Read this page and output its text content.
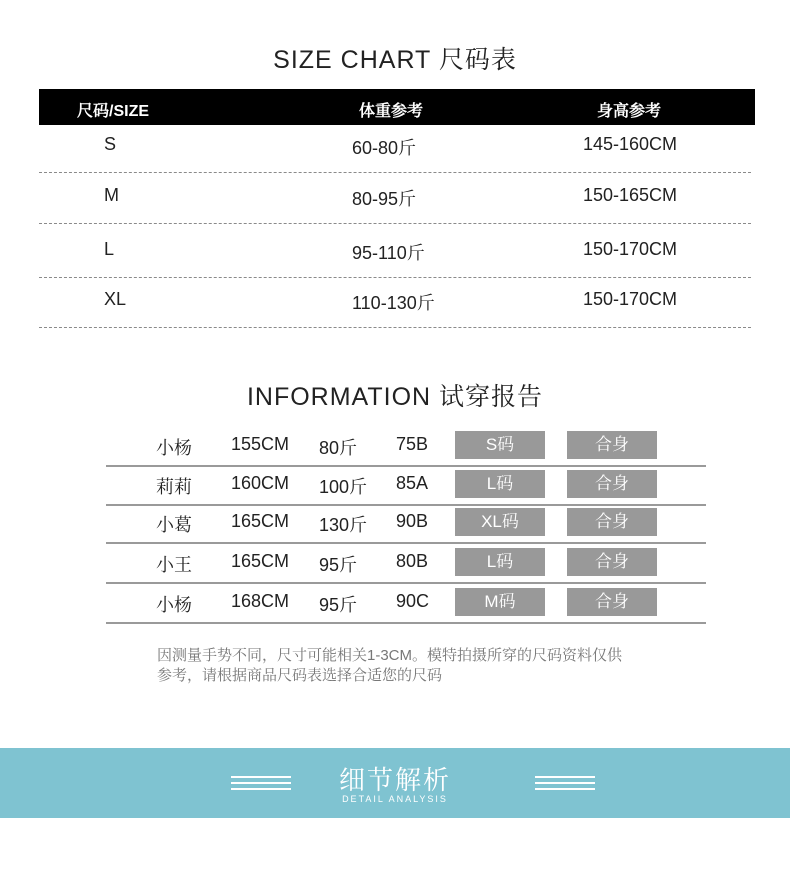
SIZE CHART 尺码表
尺码/SIZE	体重参考	身高参考
S	60-80斤	145-160CM
M	80-95斤	150-165CM
L	95-110斤	150-170CM
XL	110-130斤	150-170CM
INFORMATION 试穿报告
小杨 155CM 80斤 75B	S码	合身
莉莉 160CM 100斤 85A	L码	合身
小葛 165CM 130斤 90B	XL码	合身
小王 165CM 95斤 80B	L码	合身
小杨 168CM 95斤 90C	M码	合身
因测量手势不同，尺寸可能相关1-3CM。模特拍摄所穿的尺码资料仅供
参考，请根据商品尺码表选择合适您的尺码
细节解析
DETAIL ANALYSIS
